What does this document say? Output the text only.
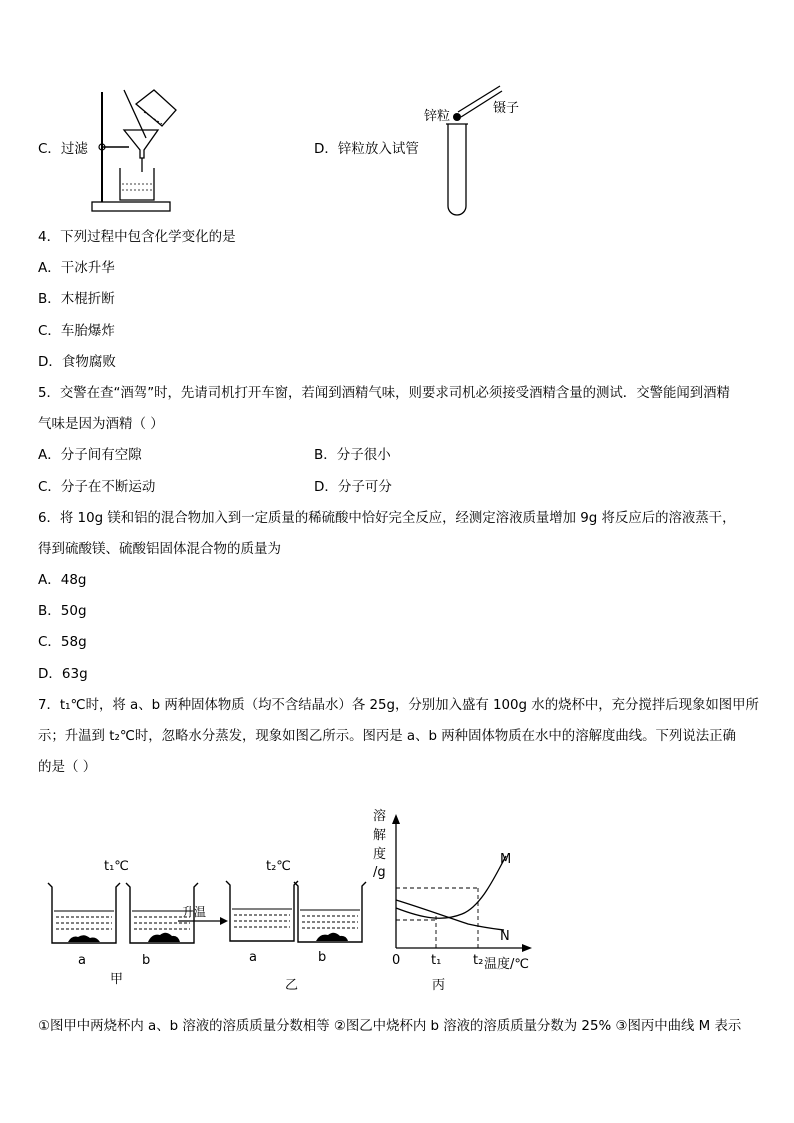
C．过滤	D．锌粒放入试管
锌粒
镊子
4．下列过程中包含化学变化的是
A．干冰升华
B．木棍折断
C．车胎爆炸
D．食物腐败
5．交警在查“酒驾”时，先请司机打开车窗，若闻到酒精气味，则要求司机必须接受酒精含量的测试．交警能闻到酒精
气味是因为酒精（ ）
A．分子间有空隙	B．分子很小
C．分子在不断运动	D．分子可分
6．将 10g 镁和铝的混合物加入到一定质量的稀硫酸中恰好完全反应，经测定溶液质量增加 9g 将反应后的溶液蒸干，
得到硫酸镁、硫酸铝固体混合物的质量为
A．48g
B．50g
C．58g
D．63g
7．t₁℃时，将 a、b 两种固体物质（均不含结晶水）各 25g，分别加入盛有 100g 水的烧杯中，充分搅拌后现象如图甲所
示；升温到 t₂℃时，忽略水分蒸发，现象如图乙所示。图丙是 a、b 两种固体物质在水中的溶解度曲线。下列说法正确
的是（ ）
t₁℃	t₂℃
升温
a	b	a	b
甲	乙
溶
解
度
/g
0 t₁ t₂ 温度/℃
M
N
丙
①图甲中两烧杯内 a、b 溶液的溶质质量分数相等 ②图乙中烧杯内 b 溶液的溶质质量分数为 25% ③图丙中曲线 M 表示
